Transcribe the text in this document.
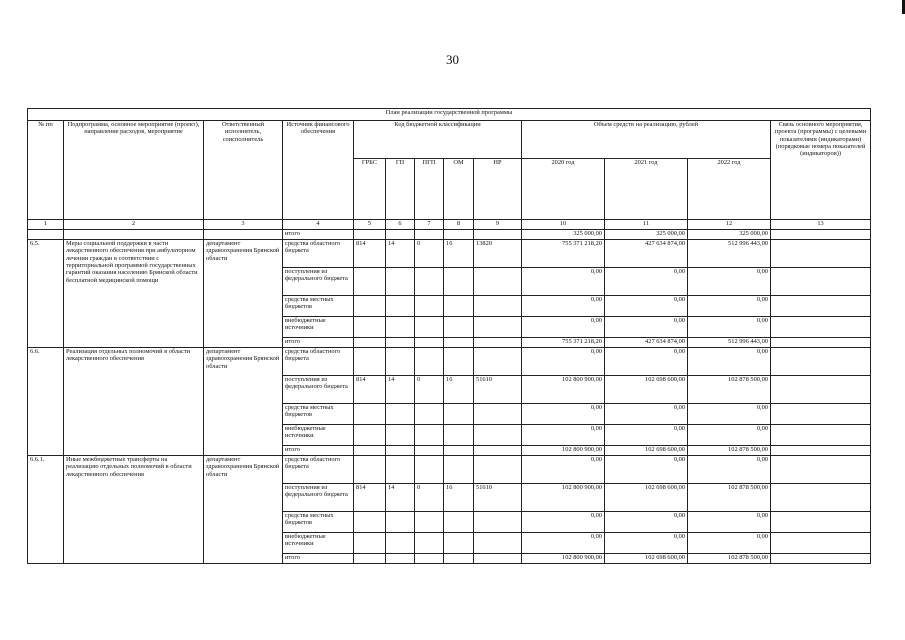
30
План реализации государственной программы												
№ пп	Подпрограмма, основное мероприятие (проект), направление расходов, мероприятие	Ответственный исполнитель, соисполнитель	Источник финансового обеспечения	Код бюджетной классификации					Объем средств на реализацию, рублей			Связь основного мероприятия, проекта (программы) с целевыми показателями (индикаторами) (порядковые номера показателей (индикаторов))
				ГРБС	ГП	ПГП	ОМ	НР	2020 год	2021 год	2022 год	
1	2	3	4	5	6	7	8	9	10	11	12	13
			итого						325 000,00	325 000,00	325 000,00	
6.5.	Меры социальной поддержки в части лекарственного обеспечения при амбулаторном лечении граждан в соответствии с территориальной программой государственных гарантий оказания населению Брянской области бесплатной медицинской помощи	департамент здравоохранения Брянской области	средства областного бюджета	814	14	0	16	13820	755 371 218,20	427 634 874,00	512 996 443,00	
			поступления из федерального бюджета						0,00	0,00	0,00	
			средства местных бюджетов						0,00	0,00	0,00	
			внебюджетные источники						0,00	0,00	0,00	
			итого						755 371 218,20	427 634 874,00	512 996 443,00	
6.6.	Реализация отдельных полномочий в области лекарственного обеспечения	департамент здравоохранения Брянской области	средства областного бюджета						0,00	0,00	0,00	
			поступления из федерального бюджета	814	14	0	16	51610	102 800 900,00	102 698 600,00	102 878 500,00	
			средства местных бюджетов						0,00	0,00	0,00	
			внебюджетные источники						0,00	0,00	0,00	
			итого						102 800 900,00	102 698 600,00	102 878 500,00	
6.6.1.	Иные межбюджетные трансферты на реализацию отдельных полномочий в области лекарственного обеспечения	департамент здравоохранения Брянской области	средства областного бюджета						0,00	0,00	0,00	
			поступления из федерального бюджета	814	14	0	16	51610	102 800 900,00	102 698 600,00	102 878 500,00	
			средства местных бюджетов						0,00	0,00	0,00	
			внебюджетные источники						0,00	0,00	0,00	
			итого						102 800 900,00	102 698 600,00	102 878 500,00	
